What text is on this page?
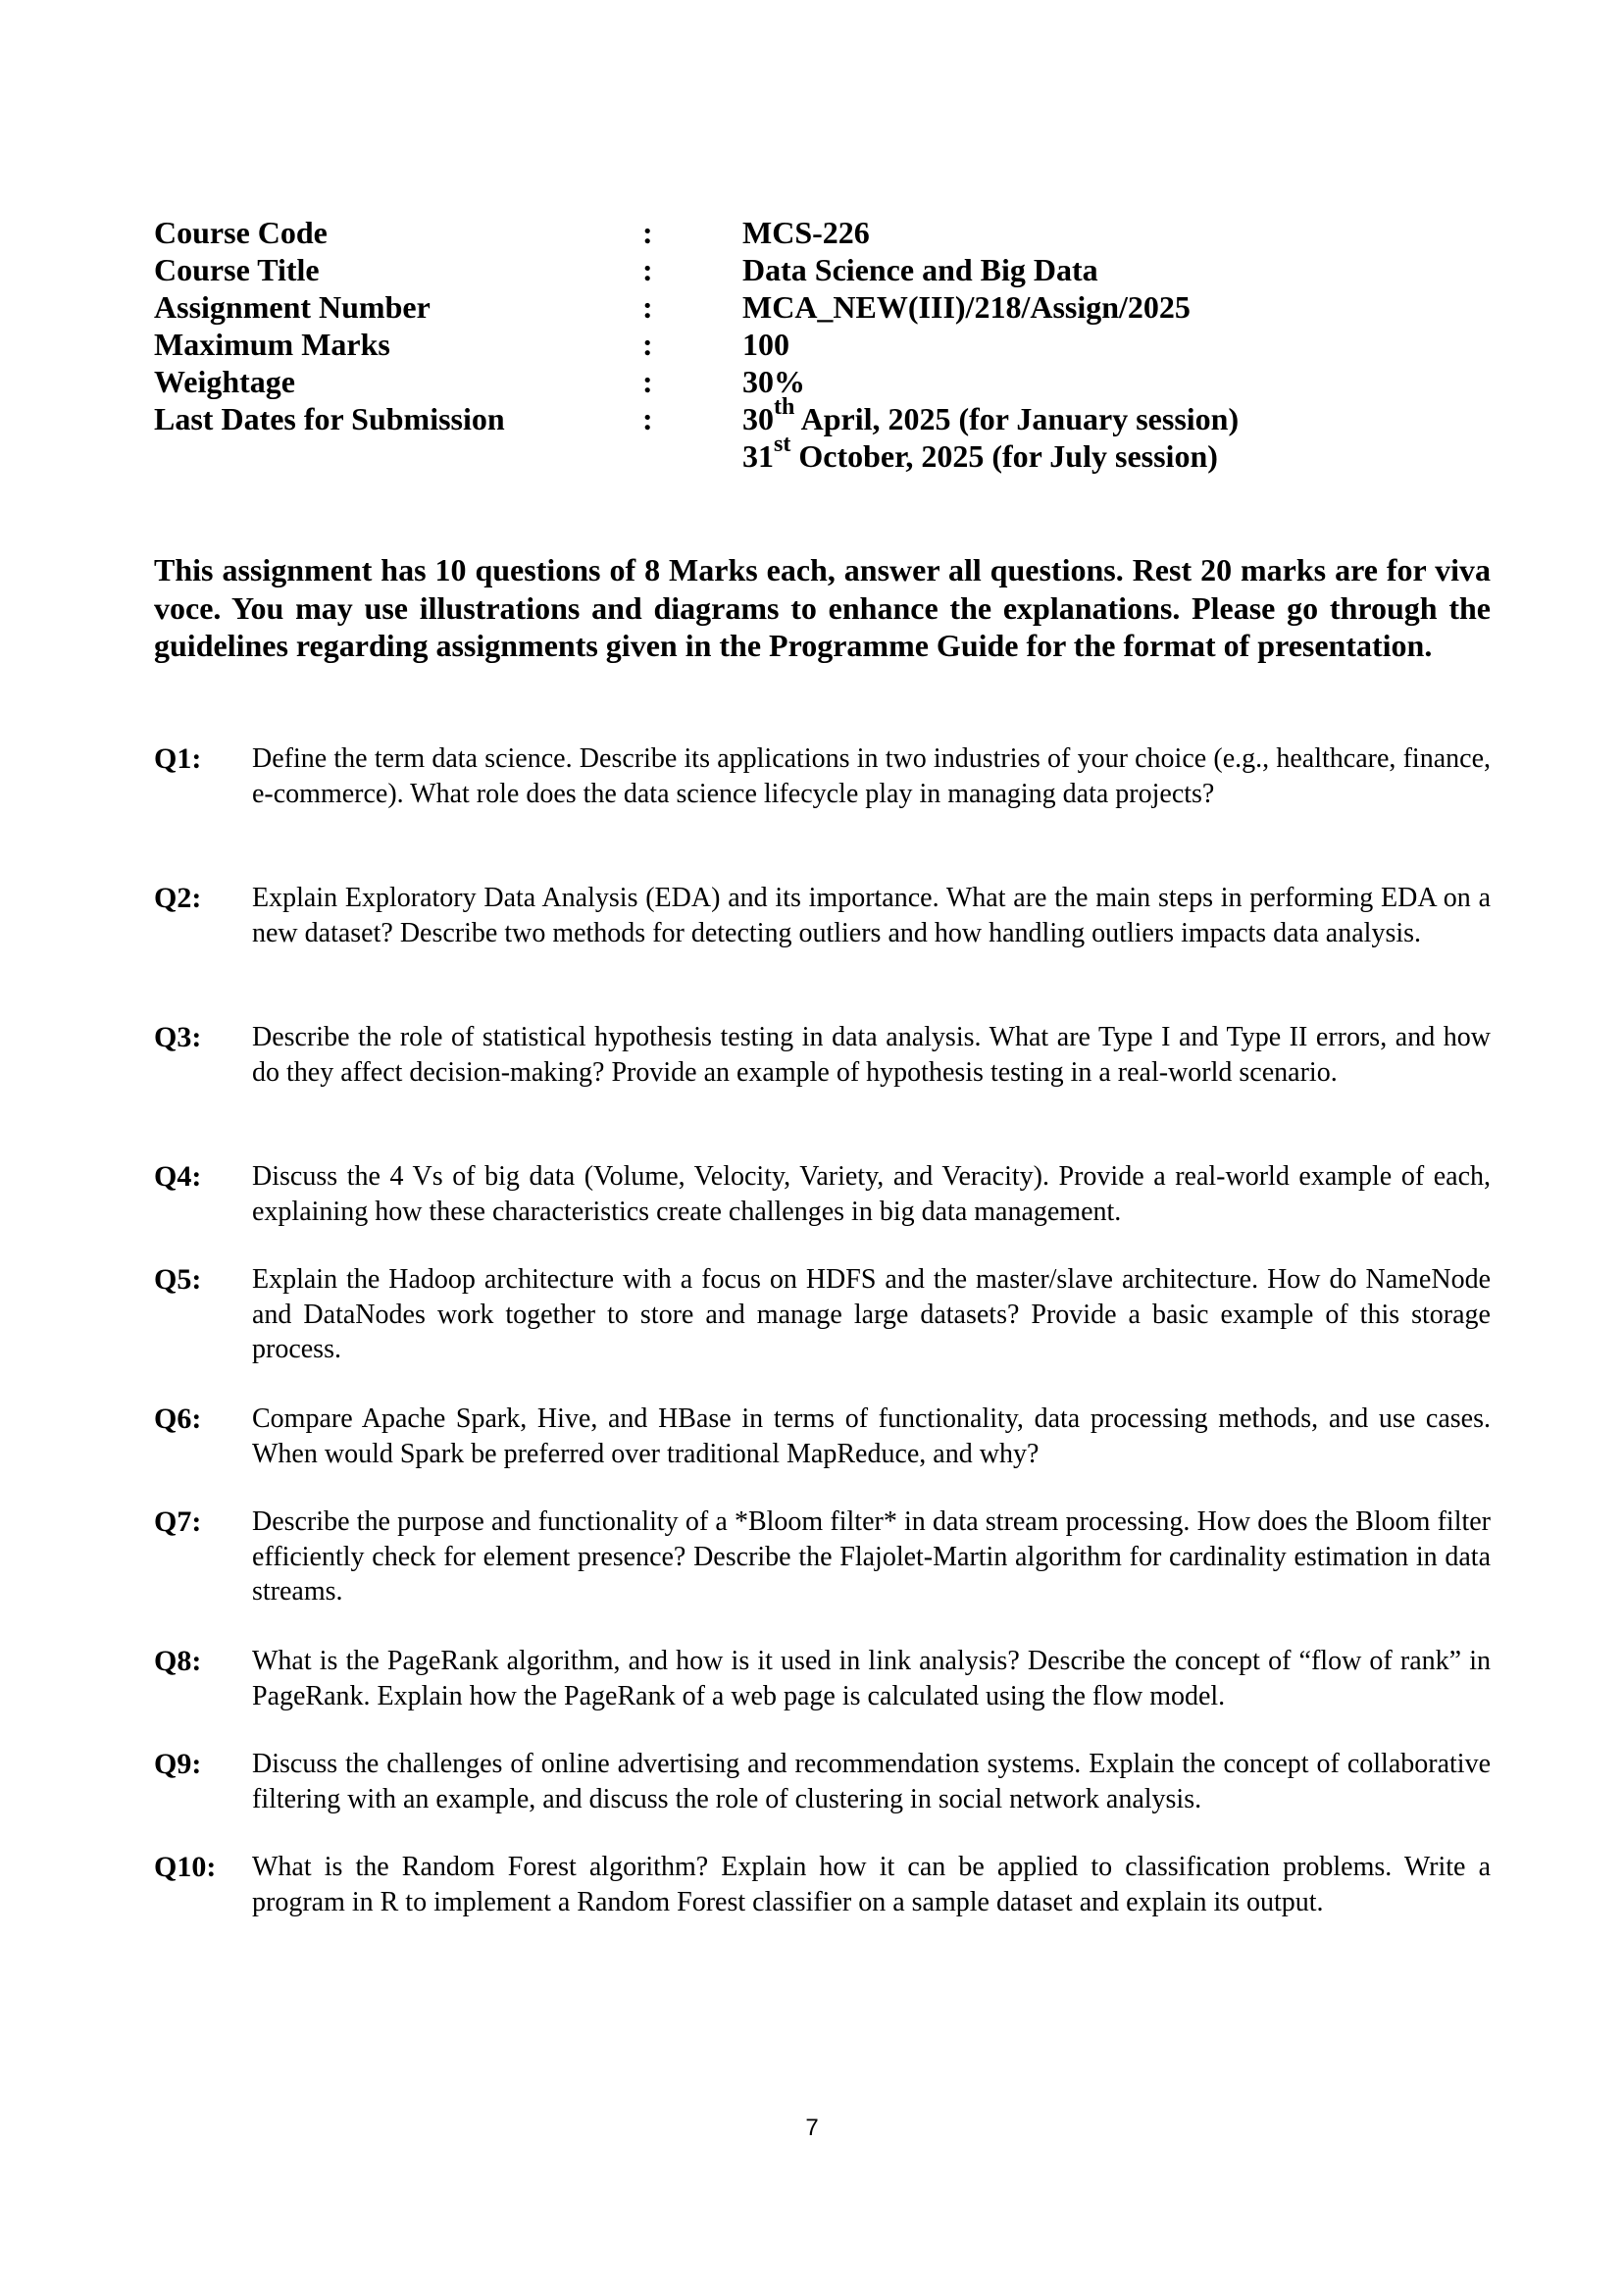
Course Code	:	MCS-226
Course Title	:	Data Science and Big Data
Assignment Number	:	MCA_NEW(III)/218/Assign/2025
Maximum Marks	:	100
Weightage	:	30%
Last Dates for Submission	:	30th April, 2025 (for January session)
31st October, 2025 (for July session)
This assignment has 10 questions of 8 Marks each, answer all questions. Rest 20 marks are for viva voce. You may use illustrations and diagrams to enhance the explanations. Please go through the guidelines regarding assignments given in the Programme Guide for the format of presentation.
Q1: Define the term data science. Describe its applications in two industries of your choice (e.g., healthcare, finance, e-commerce). What role does the data science lifecycle play in managing data projects?
Q2: Explain Exploratory Data Analysis (EDA) and its importance. What are the main steps in performing EDA on a new dataset? Describe two methods for detecting outliers and how handling outliers impacts data analysis.
Q3: Describe the role of statistical hypothesis testing in data analysis. What are Type I and Type II errors, and how do they affect decision-making? Provide an example of hypothesis testing in a real-world scenario.
Q4: Discuss the 4 Vs of big data (Volume, Velocity, Variety, and Veracity). Provide a real-world example of each, explaining how these characteristics create challenges in big data management.
Q5: Explain the Hadoop architecture with a focus on HDFS and the master/slave architecture. How do NameNode and DataNodes work together to store and manage large datasets? Provide a basic example of this storage process.
Q6: Compare Apache Spark, Hive, and HBase in terms of functionality, data processing methods, and use cases. When would Spark be preferred over traditional MapReduce, and why?
Q7: Describe the purpose and functionality of a *Bloom filter* in data stream processing. How does the Bloom filter efficiently check for element presence? Describe the Flajolet-Martin algorithm for cardinality estimation in data streams.
Q8: What is the PageRank algorithm, and how is it used in link analysis? Describe the concept of “flow of rank” in PageRank. Explain how the PageRank of a web page is calculated using the flow model.
Q9: Discuss the challenges of online advertising and recommendation systems. Explain the concept of collaborative filtering with an example, and discuss the role of clustering in social network analysis.
Q10: What is the Random Forest algorithm? Explain how it can be applied to classification problems. Write a program in R to implement a Random Forest classifier on a sample dataset and explain its output.
7
